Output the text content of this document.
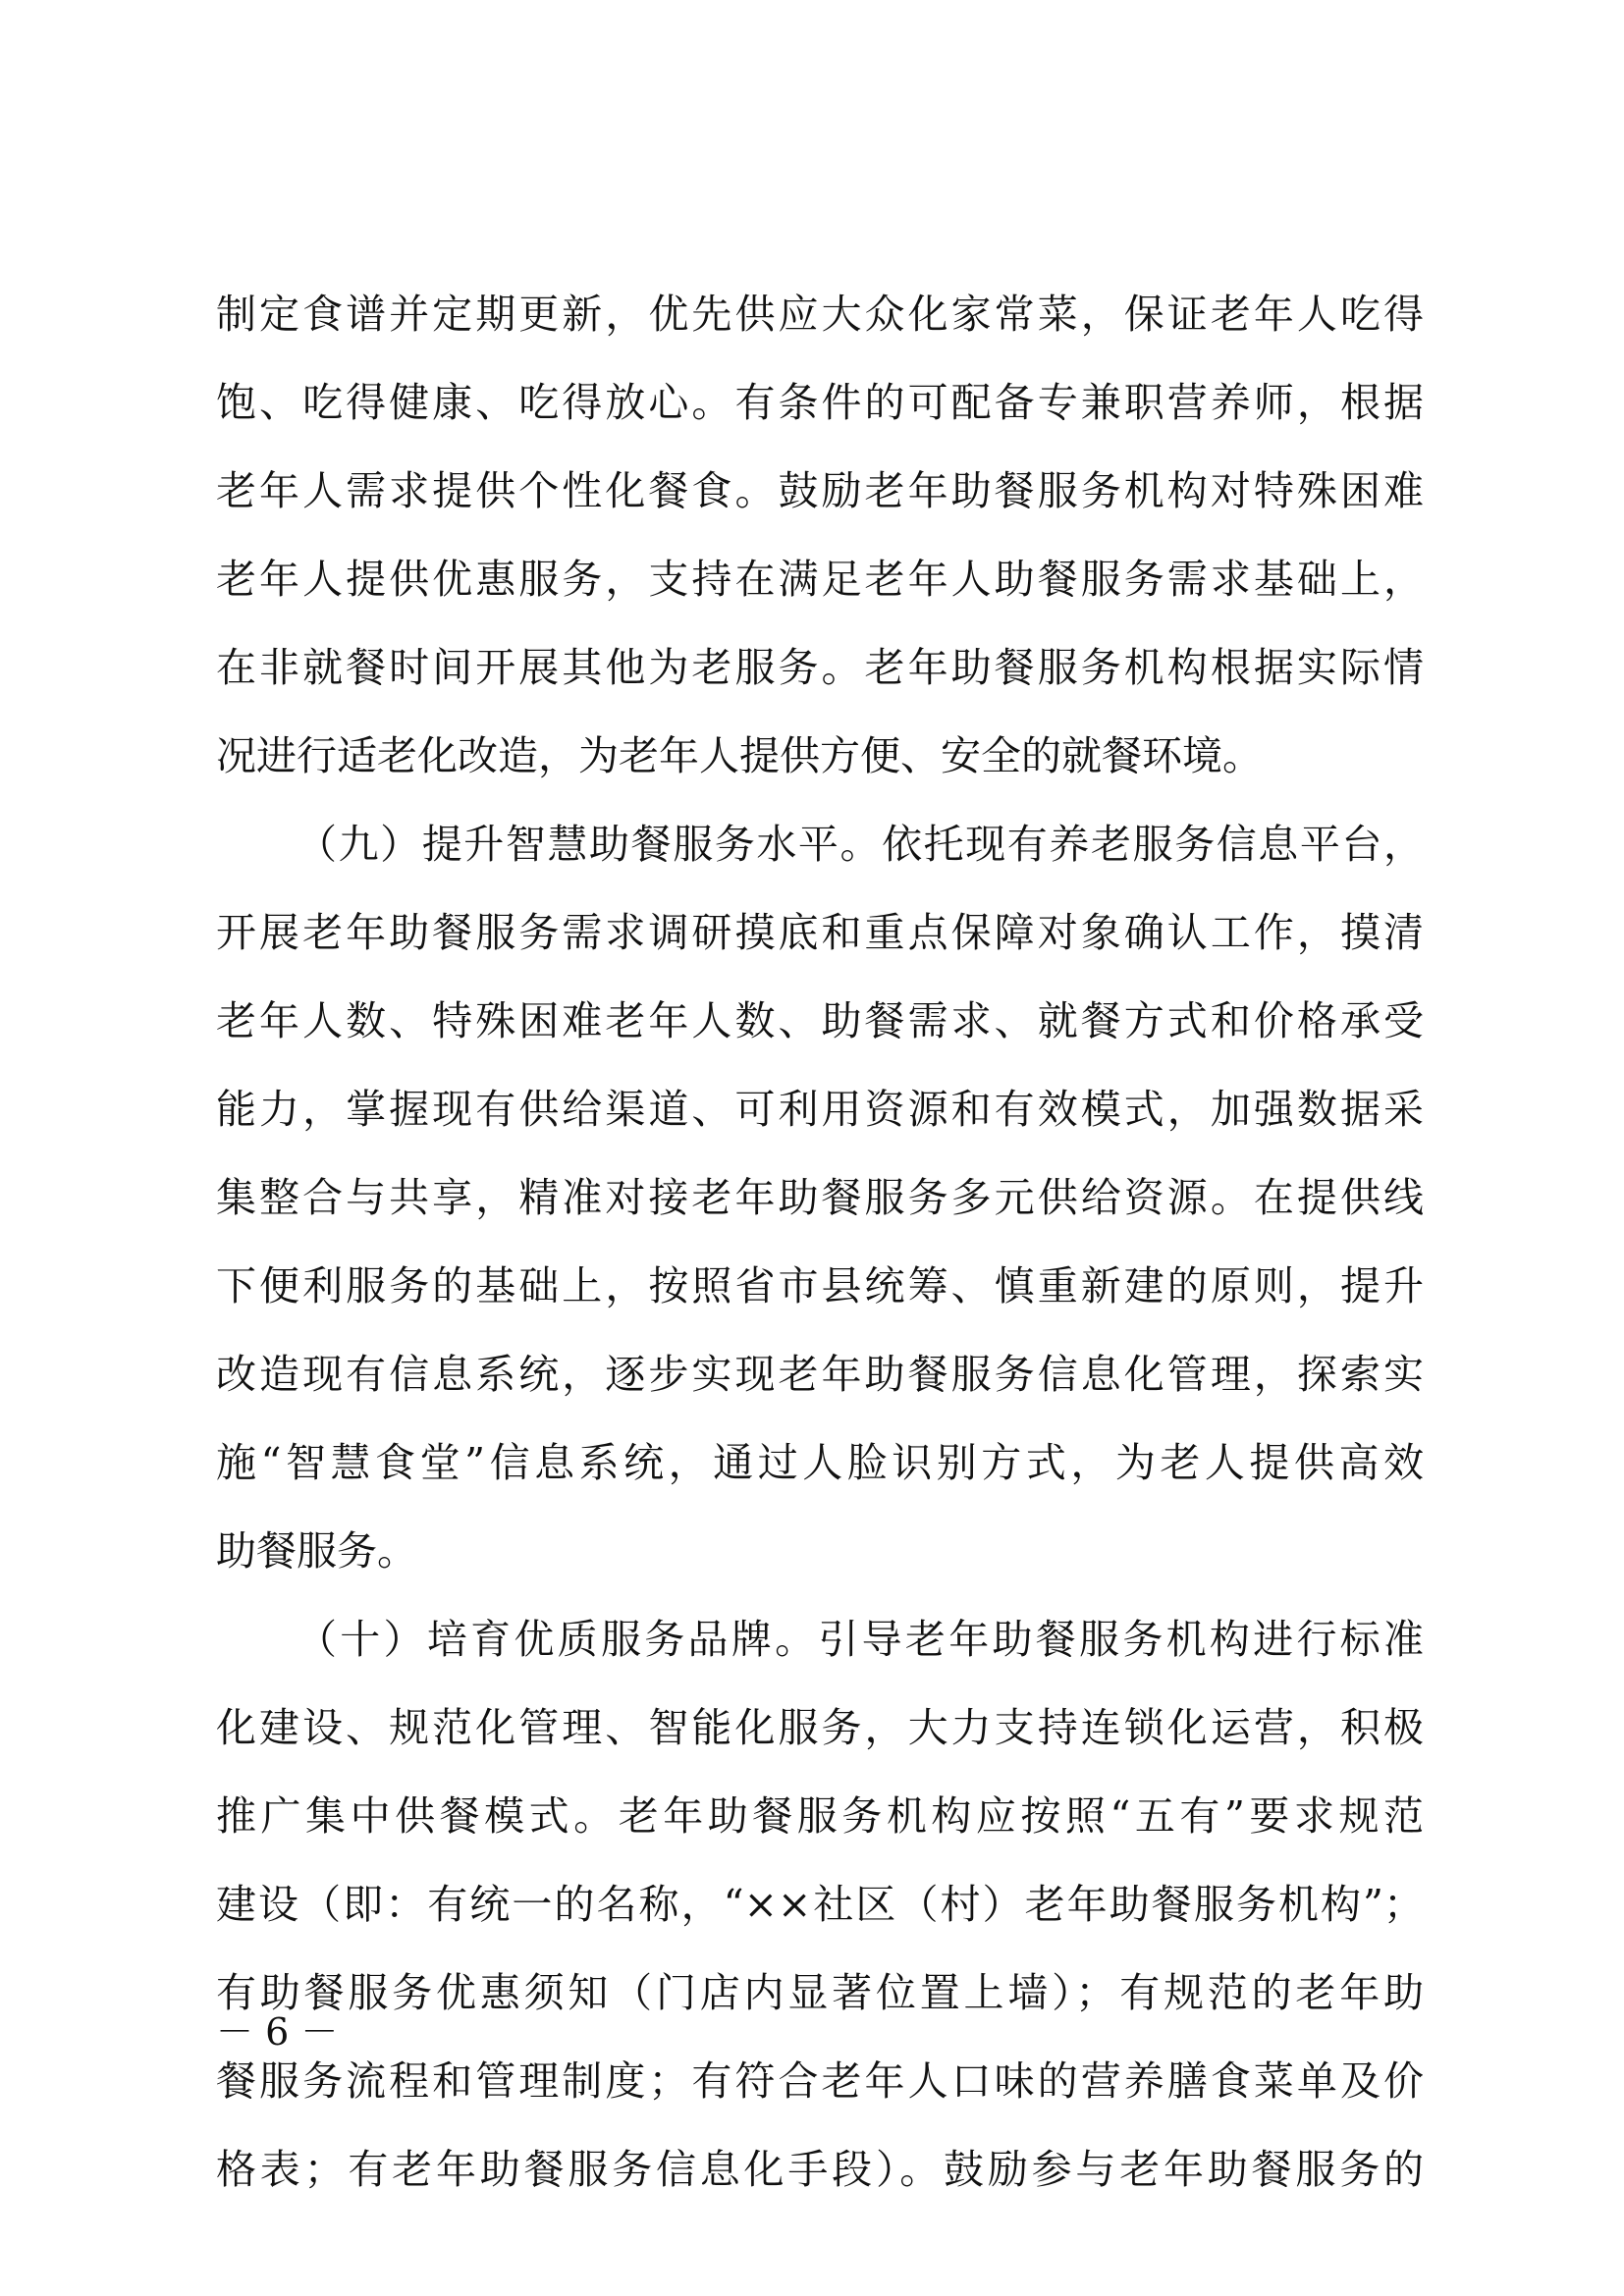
制定食谱并定期更新，优先供应大众化家常菜，保证老年人吃得
饱、吃得健康、吃得放心。有条件的可配备专兼职营养师，根据
老年人需求提供个性化餐食。鼓励老年助餐服务机构对特殊困难
老年人提供优惠服务，支持在满足老年人助餐服务需求基础上，
在非就餐时间开展其他为老服务。老年助餐服务机构根据实际情
况进行适老化改造，为老年人提供方便、安全的就餐环境。
（九）提升智慧助餐服务水平。依托现有养老服务信息平台，
开展老年助餐服务需求调研摸底和重点保障对象确认工作，摸清
老年人数、特殊困难老年人数、助餐需求、就餐方式和价格承受
能力，掌握现有供给渠道、可利用资源和有效模式，加强数据采
集整合与共享，精准对接老年助餐服务多元供给资源。在提供线
下便利服务的基础上，按照省市县统筹、慎重新建的原则，提升
改造现有信息系统，逐步实现老年助餐服务信息化管理，探索实
施“智慧食堂”信息系统，通过人脸识别方式，为老人提供高效
助餐服务。
（十）培育优质服务品牌。引导老年助餐服务机构进行标准
化建设、规范化管理、智能化服务，大力支持连锁化运营，积极
推广集中供餐模式。老年助餐服务机构应按照“五有”要求规范
建设（即：有统一的名称，“××社区（村）老年助餐服务机构”；
有助餐服务优惠须知（门店内显著位置上墙）；有规范的老年助
餐服务流程和管理制度；有符合老年人口味的营养膳食菜单及价
格表；有老年助餐服务信息化手段）。鼓励参与老年助餐服务的
－ 6 －
